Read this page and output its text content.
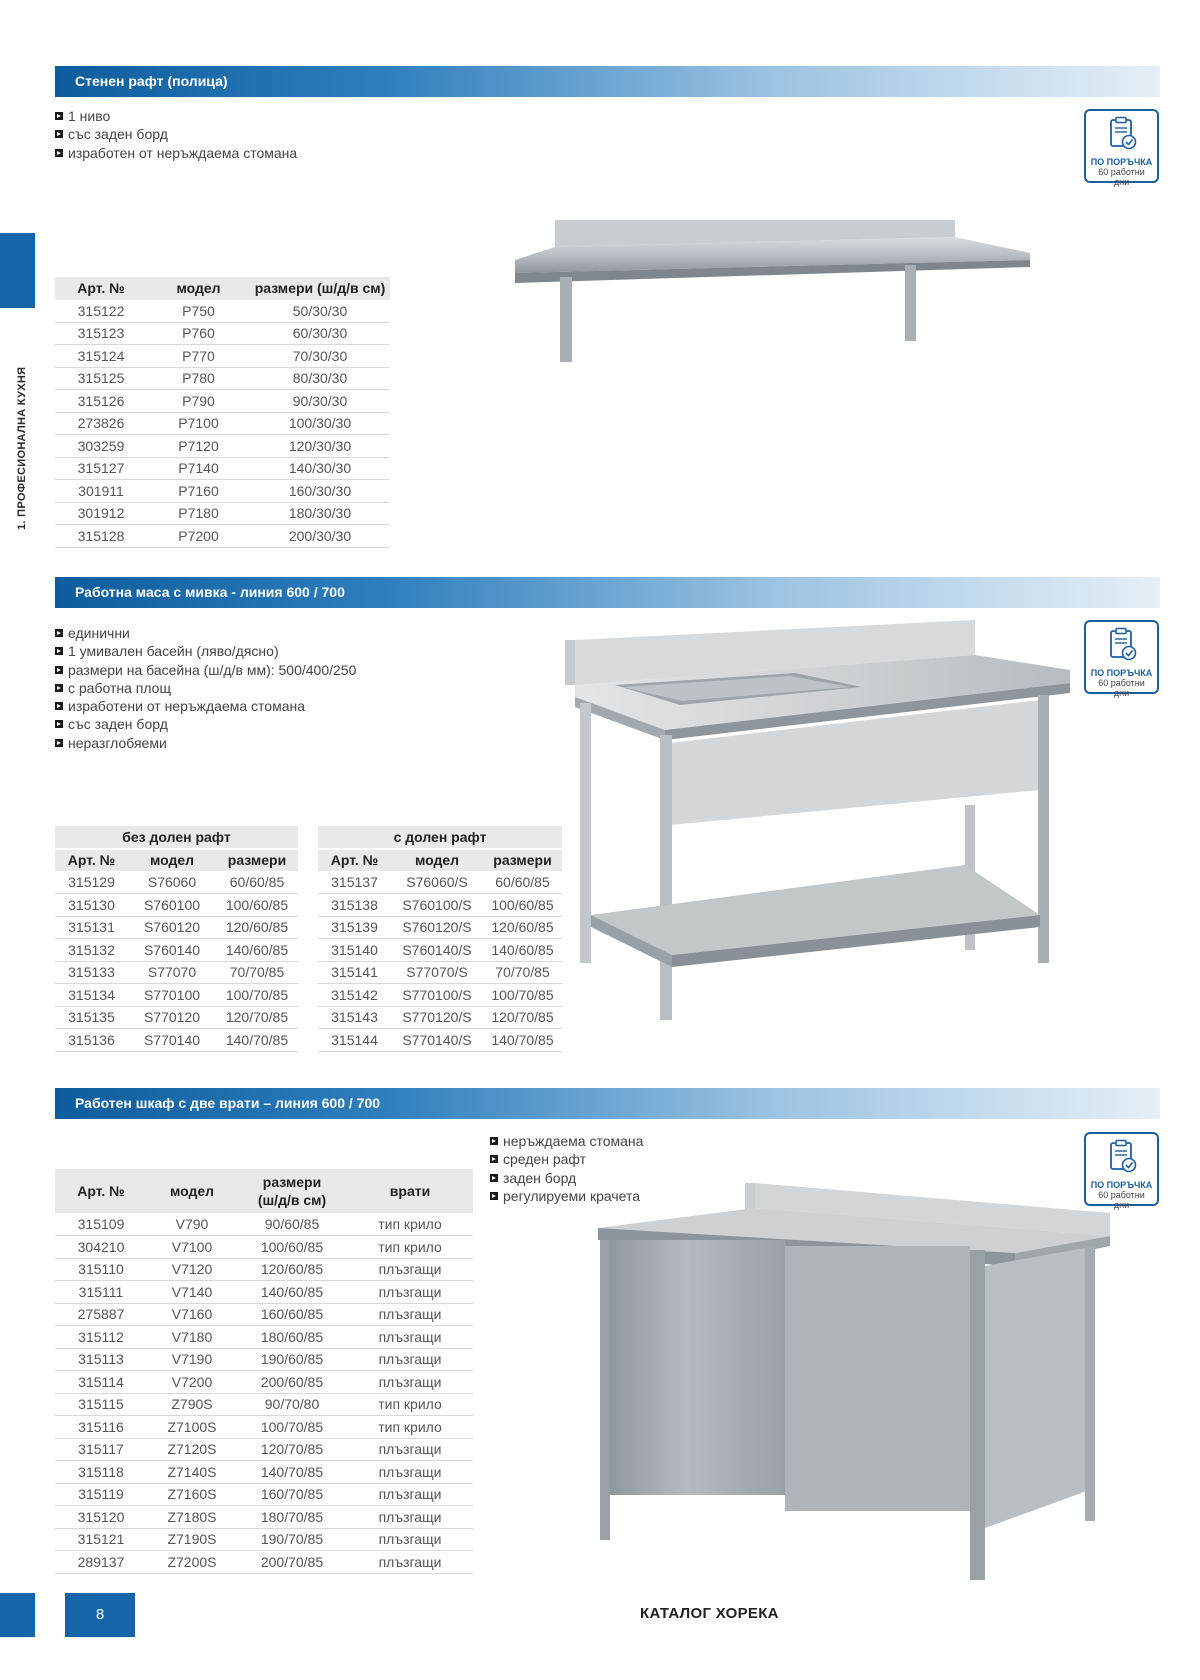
1. ПРОФЕСИОНАЛНА КУХНЯ
Стенен рафт (полица)
1 ниво
със заден борд
изработен от неръждаема стомана
ПО ПОРЪЧКА
60 работни
дни
Арт. №	модел	размери (ш/д/в см)
315122	P750	50/30/30
315123	P760	60/30/30
315124	P770	70/30/30
315125	P780	80/30/30
315126	P790	90/30/30
273826	P7100	100/30/30
303259	P7120	120/30/30
315127	P7140	140/30/30
301911	P7160	160/30/30
301912	P7180	180/30/30
315128	P7200	200/30/30
Работна маса с мивка - линия 600 / 700
единични
1 умивален басейн (ляво/дясно)
размери на басейна (ш/д/в мм): 500/400/250
с работна площ
изработени от неръждаема стомана
със заден борд
неразглобяеми
ПО ПОРЪЧКА
60 работни
дни
без долен рафт		
Арт. №	модел	размери
315129	S76060	60/60/85
315130	S760100	100/60/85
315131	S760120	120/60/85
315132	S760140	140/60/85
315133	S77070	70/70/85
315134	S770100	100/70/85
315135	S770120	120/70/85
315136	S770140	140/70/85
с долен рафт		
Арт. №	модел	размери
315137	S76060/S	60/60/85
315138	S760100/S	100/60/85
315139	S760120/S	120/60/85
315140	S760140/S	140/60/85
315141	S77070/S	70/70/85
315142	S770100/S	100/70/85
315143	S770120/S	120/70/85
315144	S770140/S	140/70/85
Работен шкаф с две врати – линия 600 / 700
неръждаема стомана
среден рафт
заден борд
регулируеми крачета
ПО ПОРЪЧКА
60 работни
дни
Арт. №	модел	размери
(ш/д/в см)	врати
315109	V790	90/60/85	тип крило
304210	V7100	100/60/85	тип крило
315110	V7120	120/60/85	плъзгащи
315111	V7140	140/60/85	плъзгащи
275887	V7160	160/60/85	плъзгащи
315112	V7180	180/60/85	плъзгащи
315113	V7190	190/60/85	плъзгащи
315114	V7200	200/60/85	плъзгащи
315115	Z790S	90/70/80	тип крило
315116	Z7100S	100/70/85	тип крило
315117	Z7120S	120/70/85	плъзгащи
315118	Z7140S	140/70/85	плъзгащи
315119	Z7160S	160/70/85	плъзгащи
315120	Z7180S	180/70/85	плъзгащи
315121	Z7190S	190/70/85	плъзгащи
289137	Z7200S	200/70/85	плъзгащи
8	КАТАЛОГ ХОРЕКА
